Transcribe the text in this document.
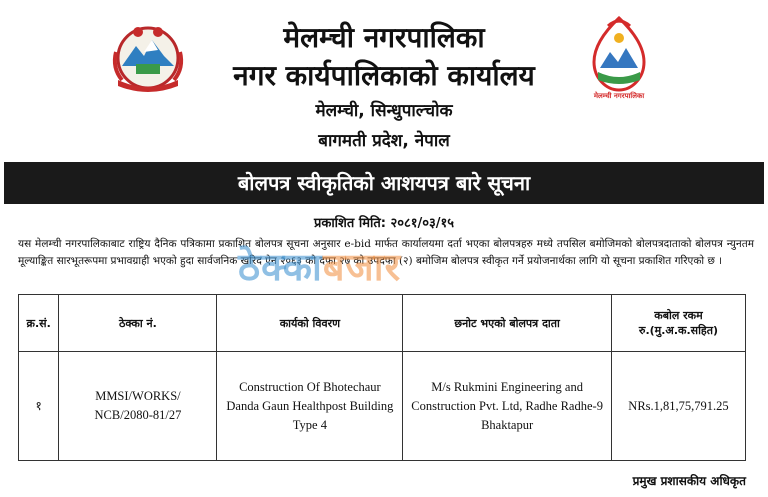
मेलम्ची नगरपालिका
नगर कार्यपालिकाको कार्यालय
मेलम्ची, सिन्धुपाल्चोक
बागमती प्रदेश, नेपाल
मेलम्ची नगरपालिका
बोलपत्र स्वीकृतिको आशयपत्र बारे सूचना
प्रकाशित मिति: २०८१/०३/१५
यस मेलम्ची नगरपालिकाबाट राष्ट्रिय दैनिक पत्रिकामा प्रकाशित बोलपत्र सूचना अनुसार e-bid मार्फत कार्यालयमा दर्ता भएका बोलपत्रहरु मध्ये तपसिल बमोजिमको बोलपत्रदाताको बोलपत्र न्युनतम मूल्याङ्कित सारभूतरूपमा प्रभावग्राही भएको हुदा सार्वजनिक खरिद ऐन २०६३ को दफा २७ को उपदफा (२) बमोजिम बोलपत्र स्वीकृत गर्ने प्रयोजनार्थका लागि यो सूचना प्रकाशित गरिएको छ ।
ठेक्काबजार
क्र.सं.	ठेक्का नं.	कार्यको विवरण	छनोट भएको बोलपत्र दाता	कबोल रकम
रु.(मु.अ.क.सहित)

१	MMSI/WORKS/ NCB/2080-81/27	Construction Of Bhotechaur Danda Gaun Healthpost Building Type 4	M/s Rukmini Engineering and Construction Pvt. Ltd, Radhe Radhe-9 Bhaktapur	NRs.1,81,75,791.25
प्रमुख प्रशासकीय अधिकृत
